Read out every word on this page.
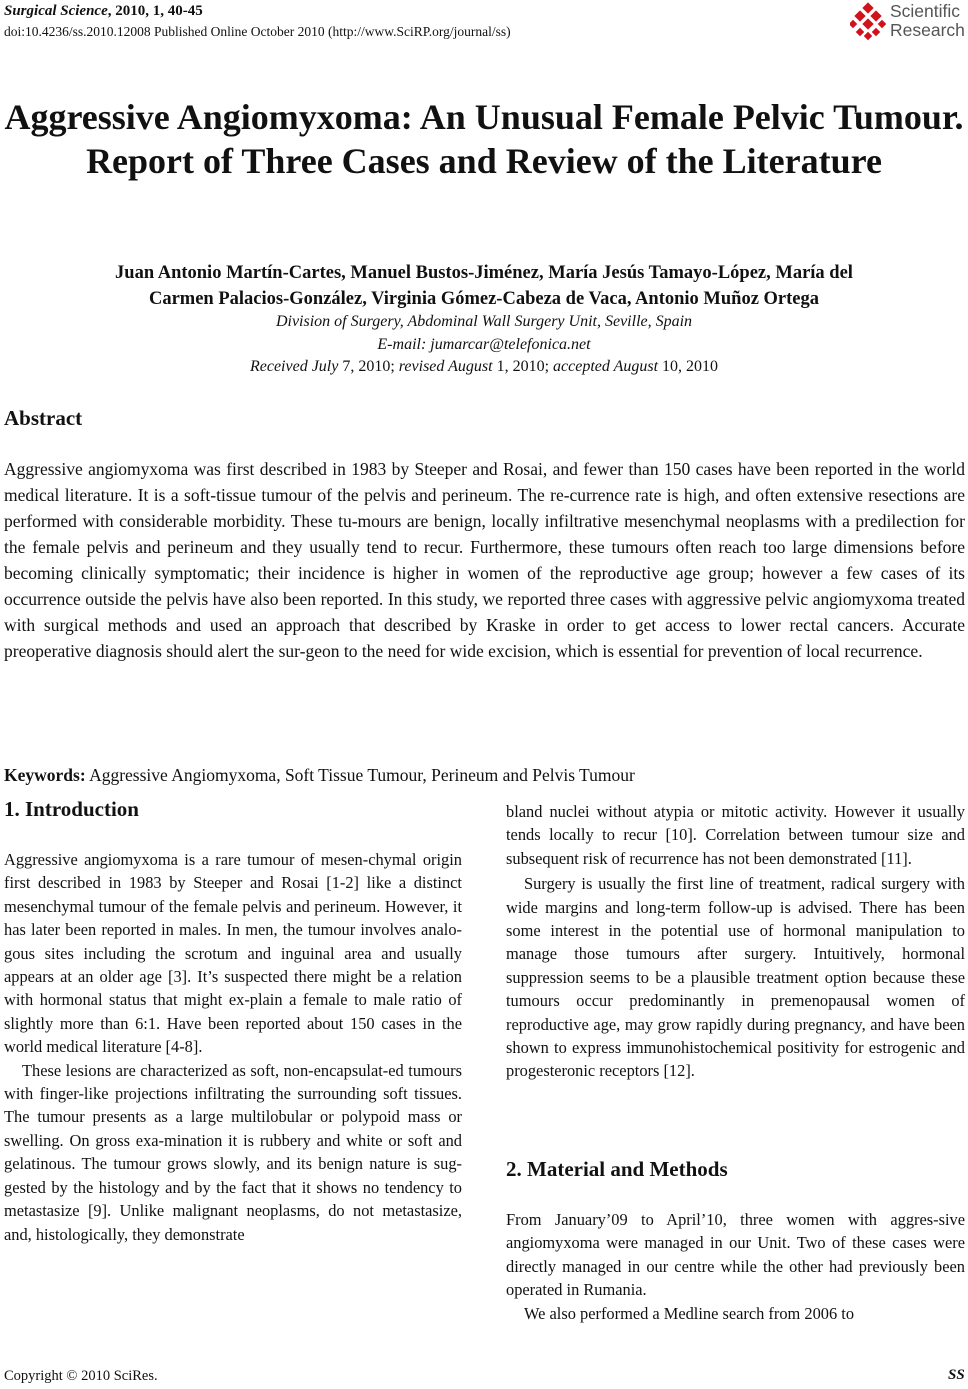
Surgical Science, 2010, 1, 40-45
doi:10.4236/ss.2010.12008 Published Online October 2010 (http://www.SciRP.org/journal/ss)
Scientific
Research
Aggressive Angiomyxoma: An Unusual Female Pelvic Tumour. Report of Three Cases and Review of the Literature
Juan Antonio Martín-Cartes, Manuel Bustos-Jiménez, María Jesús Tamayo-López, María del
Carmen Palacios-González, Virginia Gómez-Cabeza de Vaca, Antonio Muñoz Ortega
Division of Surgery, Abdominal Wall Surgery Unit, Seville, Spain
E-mail: jumarcar@telefonica.net
Received July 7, 2010; revised August 1, 2010; accepted August 10, 2010
Abstract
Aggressive angiomyxoma was first described in 1983 by Steeper and Rosai, and fewer than 150 cases have been reported in the world medical literature. It is a soft-tissue tumour of the pelvis and perineum. The re-currence rate is high, and often extensive resections are performed with considerable morbidity. These tu-mours are benign, locally infiltrative mesenchymal neoplasms with a predilection for the female pelvis and perineum and they usually tend to recur. Furthermore, these tumours often reach too large dimensions before becoming clinically symptomatic; their incidence is higher in women of the reproductive age group; however a few cases of its occurrence outside the pelvis have also been reported. In this study, we reported three cases with aggressive pelvic angiomyxoma treated with surgical methods and used an approach that described by Kraske in order to get access to lower rectal cancers. Accurate preoperative diagnosis should alert the sur-geon to the need for wide excision, which is essential for prevention of local recurrence.
Keywords: Aggressive Angiomyxoma, Soft Tissue Tumour, Perineum and Pelvis Tumour
1. Introduction

Aggressive angiomyxoma is a rare tumour of mesen-chymal origin first described in 1983 by Steeper and Rosai [1-2] like a distinct mesenchymal tumour of the female pelvis and perineum. However, it has later been reported in males. In men, the tumour involves analo-gous sites including the scrotum and inguinal area and usually appears at an older age [3]. It’s suspected there might be a relation with hormonal status that might ex-plain a female to male ratio of slightly more than 6:1. Have been reported about 150 cases in the world medical literature [4-8].

These lesions are characterized as soft, non-encapsulat-ed tumours with finger-like projections infiltrating the surrounding soft tissues. The tumour presents as a large multilobular or polypoid mass or swelling. On gross exa-mination it is rubbery and white or soft and gelatinous. The tumour grows slowly, and its benign nature is sug-gested by the histology and by the fact that it shows no tendency to metastasize [9]. Unlike malignant neoplasms, do not metastasize, and, histologically, they demonstrate

bland nuclei without atypia or mitotic activity. However it usually tends locally to recur [10]. Correlation between tumour size and subsequent risk of recurrence has not been demonstrated [11].

Surgery is usually the first line of treatment, radical surgery with wide margins and long-term follow-up is advised. There has been some interest in the potential use of hormonal manipulation to manage those tumours after surgery. Intuitively, hormonal suppression seems to be a plausible treatment option because these tumours occur predominantly in premenopausal women of reproductive age, may grow rapidly during pregnancy, and have been shown to express immunohistochemical positivity for estrogenic and progesteronic receptors [12].

2. Material and Methods

From January’09 to April’10, three women with aggres-sive angiomyxoma were managed in our Unit. Two of these cases were directly managed in our centre while the other had previously been operated in Rumania.

We also performed a Medline search from 2006 to

Copyright © 2010 SciRes.	SS
